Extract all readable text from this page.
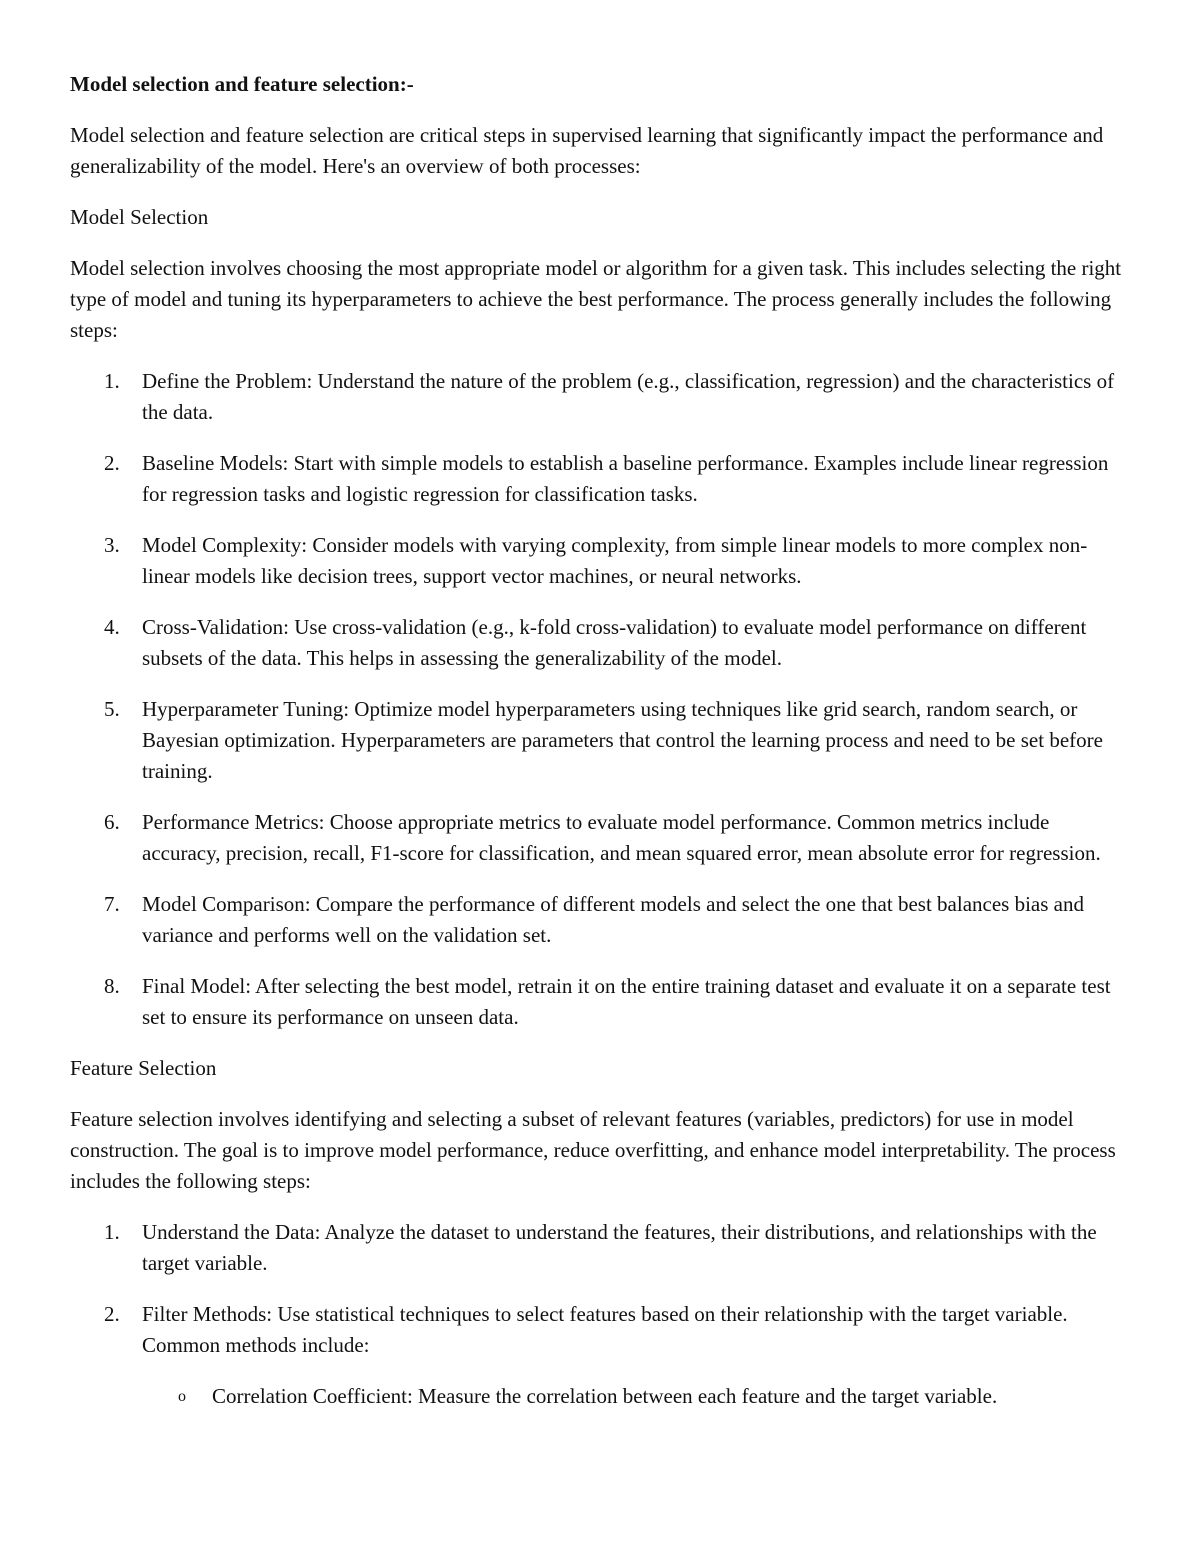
Model selection and feature selection:-

Model selection and feature selection are critical steps in supervised learning that significantly impact the performance and generalizability of the model. Here's an overview of both processes:

Model Selection

Model selection involves choosing the most appropriate model or algorithm for a given task. This includes selecting the right type of model and tuning its hyperparameters to achieve the best performance. The process generally includes the following steps:

1. Define the Problem: Understand the nature of the problem (e.g., classification, regression) and the characteristics of the data.
2. Baseline Models: Start with simple models to establish a baseline performance. Examples include linear regression for regression tasks and logistic regression for classification tasks.
3. Model Complexity: Consider models with varying complexity, from simple linear models to more complex non-linear models like decision trees, support vector machines, or neural networks.
4. Cross-Validation: Use cross-validation (e.g., k-fold cross-validation) to evaluate model performance on different subsets of the data. This helps in assessing the generalizability of the model.
5. Hyperparameter Tuning: Optimize model hyperparameters using techniques like grid search, random search, or Bayesian optimization. Hyperparameters are parameters that control the learning process and need to be set before training.
6. Performance Metrics: Choose appropriate metrics to evaluate model performance. Common metrics include accuracy, precision, recall, F1-score for classification, and mean squared error, mean absolute error for regression.
7. Model Comparison: Compare the performance of different models and select the one that best balances bias and variance and performs well on the validation set.
8. Final Model: After selecting the best model, retrain it on the entire training dataset and evaluate it on a separate test set to ensure its performance on unseen data.

Feature Selection

Feature selection involves identifying and selecting a subset of relevant features (variables, predictors) for use in model construction. The goal is to improve model performance, reduce overfitting, and enhance model interpretability. The process includes the following steps:

1. Understand the Data: Analyze the dataset to understand the features, their distributions, and relationships with the target variable.
2. Filter Methods: Use statistical techniques to select features based on their relationship with the target variable. Common methods include:
o Correlation Coefficient: Measure the correlation between each feature and the target variable.
